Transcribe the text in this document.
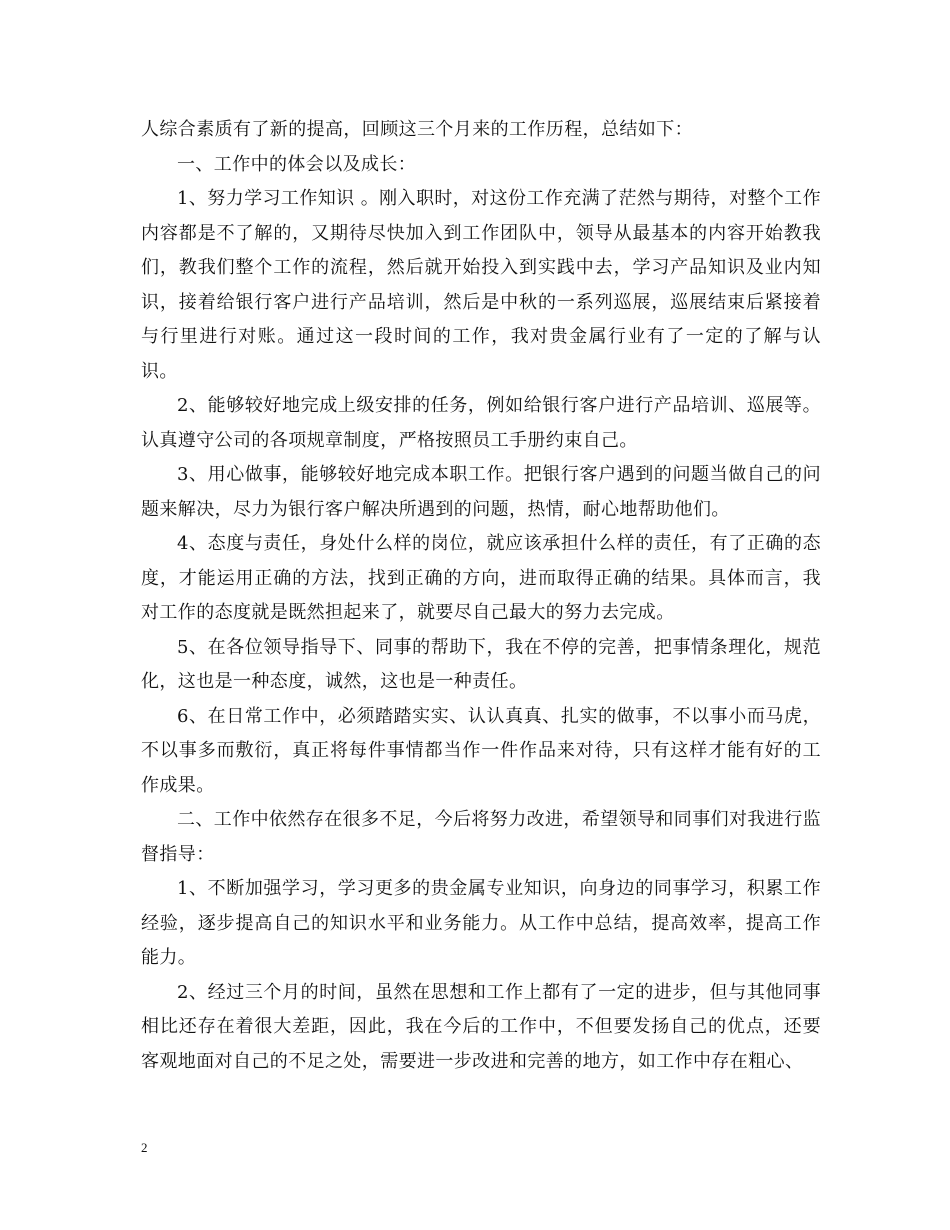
人综合素质有了新的提高，回顾这三个月来的工作历程，总结如下：

一、工作中的体会以及成长：

1、努力学习工作知识 。刚入职时，对这份工作充满了茫然与期待，对整个工作内容都是不了解的，又期待尽快加入到工作团队中，领导从最基本的内容开始教我们，教我们整个工作的流程，然后就开始投入到实践中去，学习产品知识及业内知识，接着给银行客户进行产品培训，然后是中秋的一系列巡展，巡展结束后紧接着与行里进行对账。通过这一段时间的工作，我对贵金属行业有了一定的了解与认识。

2、能够较好地完成上级安排的任务，例如给银行客户进行产品培训、巡展等。认真遵守公司的各项规章制度，严格按照员工手册约束自己。

3、用心做事，能够较好地完成本职工作。把银行客户遇到的问题当做自己的问题来解决，尽力为银行客户解决所遇到的问题，热情，耐心地帮助他们。

4、态度与责任，身处什么样的岗位，就应该承担什么样的责任，有了正确的态度，才能运用正确的方法，找到正确的方向，进而取得正确的结果。具体而言，我对工作的态度就是既然担起来了，就要尽自己最大的努力去完成。

5、在各位领导指导下、同事的帮助下，我在不停的完善，把事情条理化，规范化，这也是一种态度，诚然，这也是一种责任。

6、在日常工作中，必须踏踏实实、认认真真、扎实的做事，不以事小而马虎，不以事多而敷衍，真正将每件事情都当作一件作品来对待，只有这样才能有好的工作成果。

二、工作中依然存在很多不足，今后将努力改进，希望领导和同事们对我进行监督指导：

1、不断加强学习，学习更多的贵金属专业知识，向身边的同事学习，积累工作经验，逐步提高自己的知识水平和业务能力。从工作中总结，提高效率，提高工作能力。

2、经过三个月的时间，虽然在思想和工作上都有了一定的进步，但与其他同事相比还存在着很大差距，因此，我在今后的工作中，不但要发扬自己的优点，还要客观地面对自己的不足之处，需要进一步改进和完善的地方，如工作中存在粗心、

2
